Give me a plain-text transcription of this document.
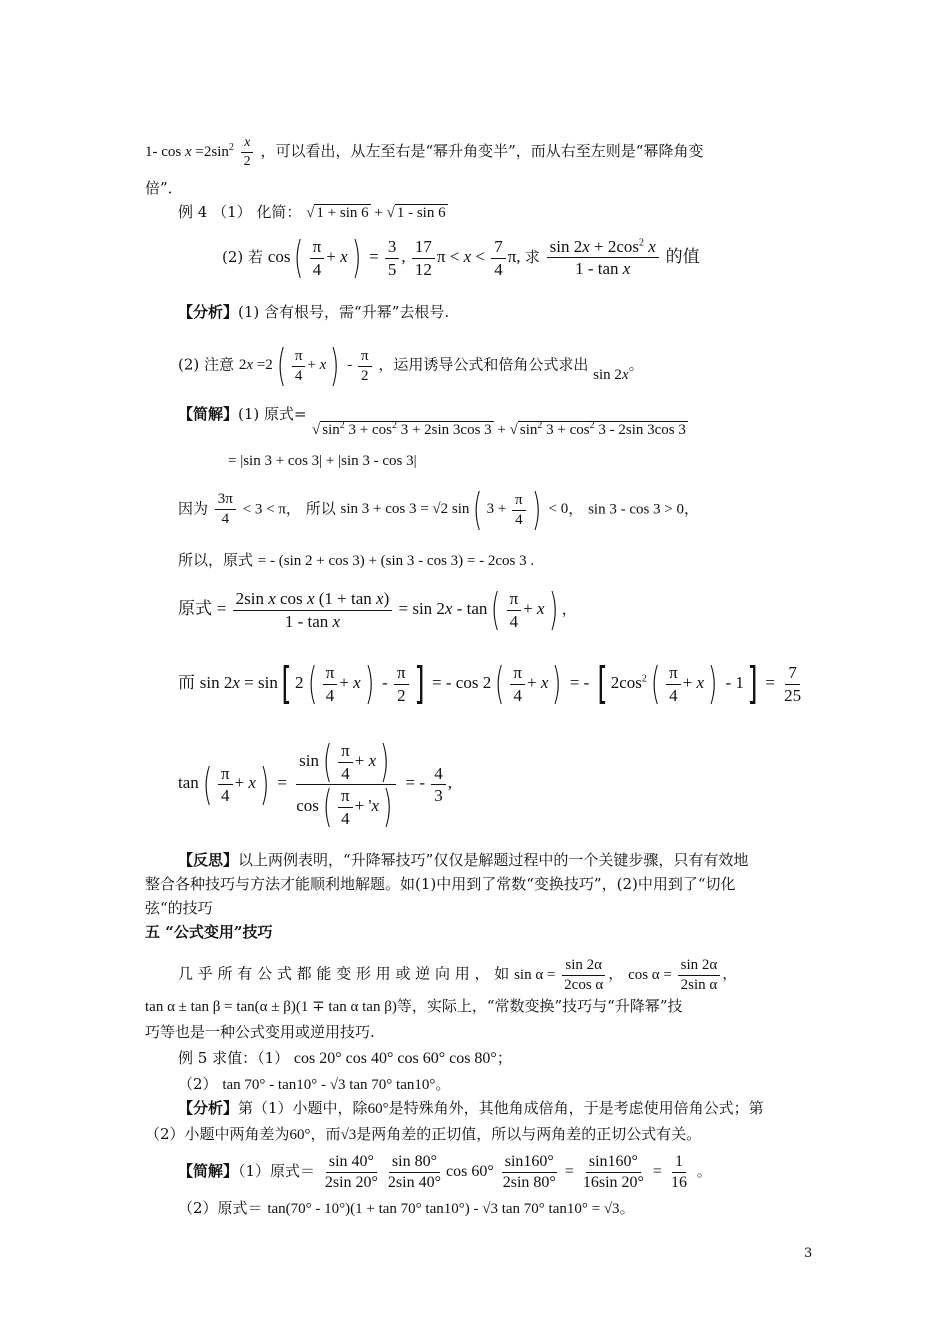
1- $\cos x =2\sin^2 \frac{x}{2}$ ，可以看出，从左至右是“幂升角变半”，而从右至左则是“幂降角变
倍”．
例 4 （1） 化简： √ 1 + sin 6 + √ 1 - sin 6
(2) 若 $\cos( \frac{\pi}{4} + x) = \frac{3}{5}$ , $\frac{17}{12}$ $\pi < x < \frac{7}{4} \pi$, 求 $\frac{\sin 2x + 2\cos^2 x}{\text{1 - tan x}}$ 的值
【分析】(1) 含有根号，需“升幂”去根号.
(2) 注意 $2x =2( \frac{\pi}{4} + x) - \frac{\pi}{2}$ ，运用诱导公式和倍角公式求出 sin 2x。
【简解】(1) 原式=
√ $\sin^2 3 + \cos^2 3 + 2\sin$ 3cos 3 + √ $\sin^2 3 + \cos^2 3 - 2\sin$ 3cos 3
= |sin 3 + cos 3| + |sin 3 - cos 3|
因为 $\frac{3\pi}{4} < 3 < \pi$， 所以 sin 3 + cos 3 = √2 sin( $3 + \frac{\pi}{4}$ ) < 0， sin 3 - cos 3 > 0，
所以，原式 = - (sin 2 + cos 3) + (sin 3 - cos 3) = - 2cos 3 .
原式 = $\frac{\text{2sin x cos x (1 + tan x)}}{\text{1 - tan x}} = \sin 2x - \tan( \frac{\pi}{4} + x)$ ，
而 sin 2x = sin[ $2( \frac{\pi}{4} + x) - \frac{\pi}{2}$ ] = - $\cos 2( \frac{\pi}{4} + x)$ = - [ $2\cos^2( \frac{\pi}{4} + x) - 1] = \frac{7}{25}$
$\tan( \frac{\pi}{4} + x) = \frac{\sin( \frac{\pi}{4} + x)}{\cos( \frac{\pi}{4} + 'x)}$ = - $\frac{4}{3}$ ,
【反思】以上两例表明，“升降幂技巧”仅仅是解题过程中的一个关键步骤，只有有效地
整合各种技巧与方法才能顺利地解题。如(1)中用到了常数“变换技巧”，(2)中用到了“切化
弦“的技巧
五 “公式变用”技巧
几 乎 所 有 公 式 都 能 变 形 用 或 逆 向 用 ， 如 $\sin \alpha = \frac{\sin 2\alpha}{\text{2cos α}}$ ， $\cos \alpha = \frac{\sin 2\alpha}{\text{2sin α}}$ ，
tan α ± tan β = tan(α ± β)(1 ∓ tan α tan β)等，实际上，“常数变换”技巧与“升降幂”技
巧等也是一种公式变用或逆用技巧.
例 5 求值：（1） cos 20° cos 40° cos 60° cos 80°；
（2） tan 70° - tan10° - √3 tan 70° tan10°。
【分析】第（1）小题中，除60°是特殊角外，其他角成倍角，于是考虑使用倍角公式；第
（2）小题中两角差为60°，而√3是两角差的正切值，所以与两角差的正切公式有关。
【简解】（1）原式＝ $\frac{\sin 40^\circ}{2\sin 20^\circ} \frac{\sin 80^\circ}{2\sin 40^\circ}$ $\cos 60^\circ \frac{\sin 160^\circ}{2\sin 80^\circ} = \frac{\sin 160^\circ}{16\sin 20^\circ} = \frac{1}{16}$ 。
（2）原式＝ tan(70° - 10°)(1 + tan 70° tan10°) - √3 tan 70° tan10° = √3。
3
